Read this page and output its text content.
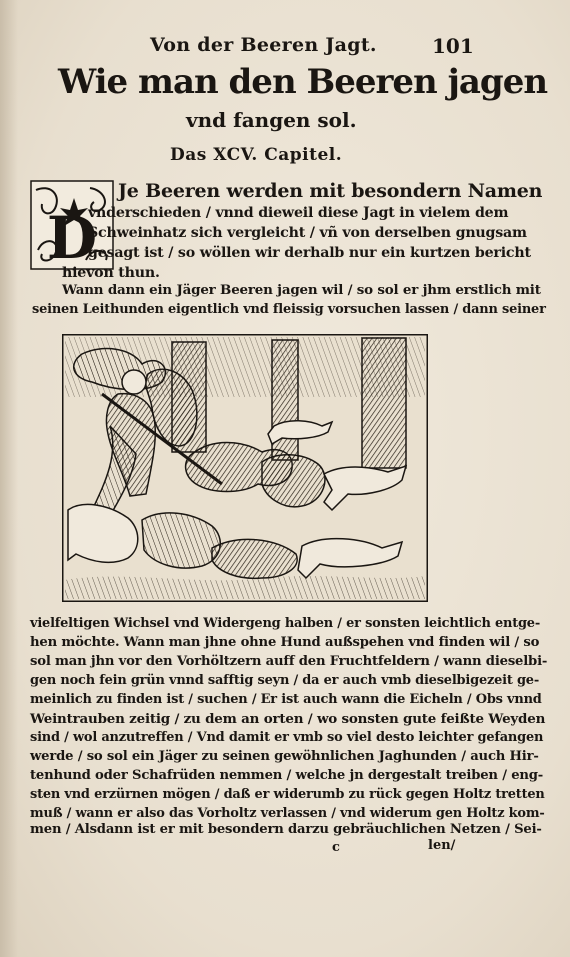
Von der Beeren Jagt.	101
Wie man den Beeren jagen
vnd fangen sol.
Das XCV. Capitel.
D
Je Beeren werden mit besondern Namen
vnderschieden / vnnd dieweil diese Jagt in vielem dem
Schweinhatz sich vergleicht / vñ von derselben gnugsam
gesagt ist / so wöllen wir derhalb nur ein kurtzen bericht
hievon thun.
Wann dann ein Jäger Beeren jagen wil / so sol er jhm erstlich mit
seinen Leithunden eigentlich vnd fleissig vorsuchen lassen / dann seiner
vielfeltigen Wichsel vnd Widergeng halben / er sonsten leichtlich entge-
hen möchte. Wann man jhne ohne Hund außspehen vnd finden wil / so
sol man jhn vor den Vorhöltzern auff den Fruchtfeldern / wann dieselbi-
gen noch fein grün vnnd safftig seyn / da er auch vmb dieselbigezeit ge-
meinlich zu finden ist / suchen / Er ist auch wann die Eicheln / Obs vnnd
Weintrauben zeitig / zu dem an orten / wo sonsten gute feißte Weyden
sind / wol anzutreffen / Vnd damit er vmb so viel desto leichter gefangen
werde / so sol ein Jäger zu seinen gewöhnlichen Jaghunden / auch Hir-
tenhund oder Schafrüden nemmen / welche jn dergestalt treiben / eng-
sten vnd erzürnen mögen / daß er widerumb zu rück gegen Holtz tretten
muß / wann er also das Vorholtz verlassen / vnd widerum gen Holtz kom-
men / Alsdann ist er mit besondern darzu gebräuchlichen Netzen / Sei-
c	len/
